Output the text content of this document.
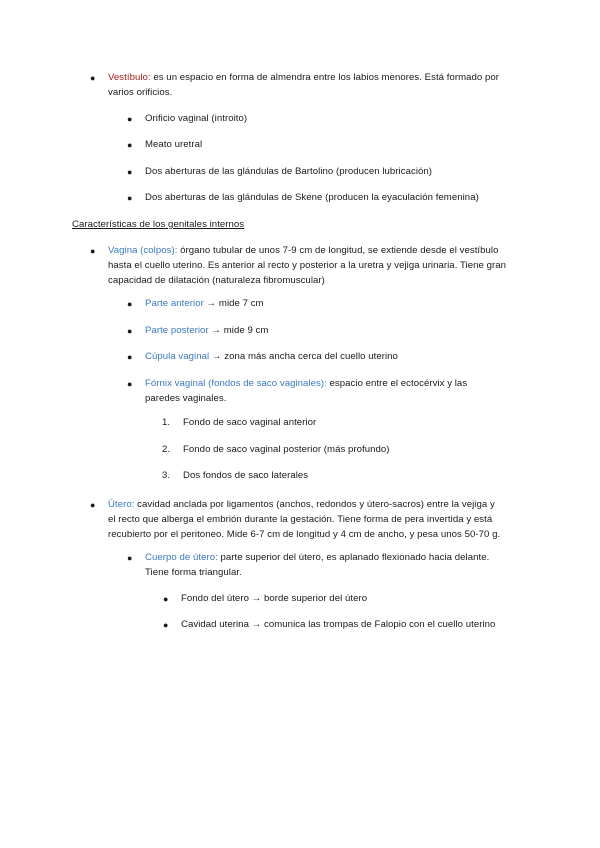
● Vestíbulo: es un espacio en forma de almendra entre los labios menores. Está formado por

varios orificios.

● Orificio vaginal (introito)

● Meato uretral

● Dos aberturas de las glándulas de Bartolino (producen lubricación)

● Dos aberturas de las glándulas de Skene (producen la eyaculación femenina)

Características de los genitales internos

● Vagina (colpos): órgano tubular de unos 7-9 cm de longitud, se extiende desde el vestíbulo

hasta el cuello uterino. Es anterior al recto y posterior a la uretra y vejiga urinaria. Tiene gran

capacidad de dilatación (naturaleza fibromuscular)

● Parte anterior → mide 7 cm

● Parte posterior → mide 9 cm

● Cúpula vaginal → zona más ancha cerca del cuello uterino

● Fórnix vaginal (fondos de saco vaginales): espacio entre el ectocérvix y las

paredes vaginales.

1. Fondo de saco vaginal anterior

2. Fondo de saco vaginal posterior (más profundo)

3. Dos fondos de saco laterales

● Útero: cavidad anclada por ligamentos (anchos, redondos y útero-sacros) entre la vejiga y

el recto que alberga el embrión durante la gestación. Tiene forma de pera invertida y está

recubierto por el peritoneo. Mide 6-7 cm de longitud y 4 cm de ancho, y pesa unos 50-70 g.

● Cuerpo de útero: parte superior del útero, es aplanado flexionado hacia delante.

Tiene forma triangular.

● Fondo del útero → borde superior del útero

● Cavidad uterina → comunica las trompas de Falopio con el cuello uterino
